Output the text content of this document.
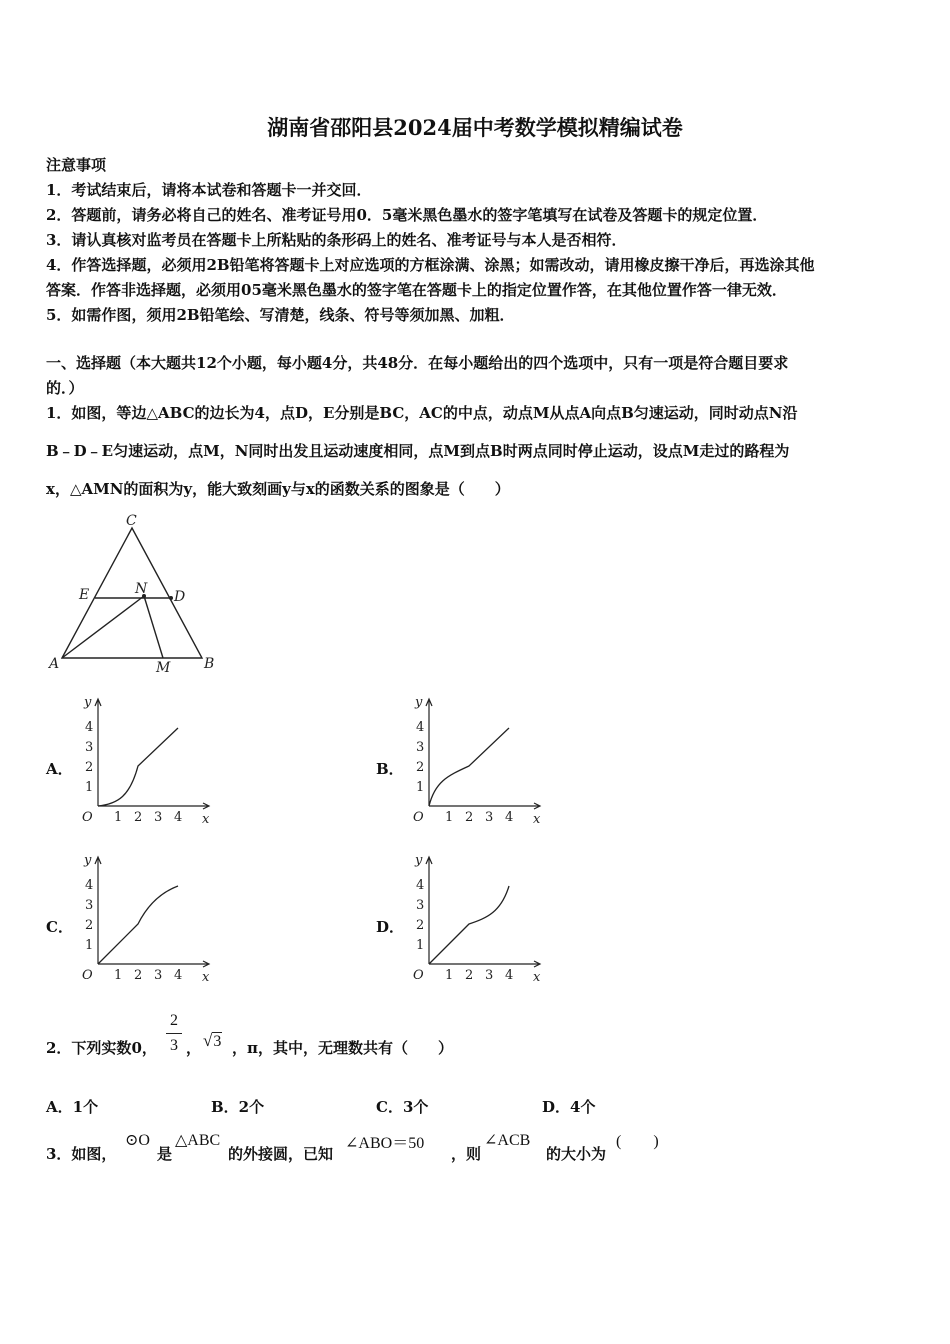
湖南省邵阳县2024届中考数学模拟精编试卷
注意事项
1．考试结束后，请将本试卷和答题卡一并交回．
2．答题前，请务必将自己的姓名、准考证号用0．5毫米黑色墨水的签字笔填写在试卷及答题卡的规定位置．
3．请认真核对监考员在答题卡上所粘贴的条形码上的姓名、准考证号与本人是否相符．
4．作答选择题，必须用2B铅笔将答题卡上对应选项的方框涂满、涂黑；如需改动，请用橡皮擦干净后，再选涂其他
答案．作答非选择题，必须用05毫米黑色墨水的签字笔在答题卡上的指定位置作答，在其他位置作答一律无效．
5．如需作图，须用2B铅笔绘、写清楚，线条、符号等须加黑、加粗．
一、选择题（本大题共12个小题，每小题4分，共48分．在每小题给出的四个选项中，只有一项是符合题目要求
的．）
1．如图，等边△ABC的边长为4，点D，E分别是BC，AC的中点，动点M从点A向点B匀速运动，同时动点N沿
B﹣D﹣E匀速运动，点M，N同时出发且运动速度相同，点M到点B时两点同时停止运动，设点M走过的路程为
x，△AMN的面积为y，能大致刻画y与x的函数关系的图象是（　　）
C
E	N D
A	M B
A．	B．
C．	D．
y
x
O 1 2 3 4
1
2
3
4
y
x
O 1 2 3 4
1
2
3
4
y
x
O 1 2 3 4
1
2
3
4
y
x
O 1 2 3 4
1
2
3
4
2．下列实数0，
2
3 ， √3 ，π，其中，无理数共有（　　）
A．1个	B．2个	C．3个	D．4个
3．如图，
⊙O
是
△ABC
的外接圆，已知
∠ABO＝50
，则
∠ACB
的大小为
(　　)
